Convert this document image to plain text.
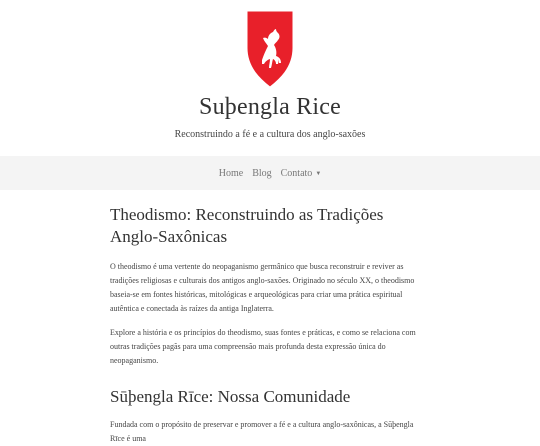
Suþengla Rice
Reconstruindo a fé e a cultura dos anglo-saxões
Home Blog Contato ▼
Theodismo: Reconstruindo as Tradições Anglo-Saxônicas

O theodismo é uma vertente do neopaganismo germânico que busca reconstruir e reviver as tradições religiosas e culturais dos antigos anglo-saxões. Originado no século XX, o theodismo baseia-se em fontes históricas, mitológicas e arqueológicas para criar uma prática espiritual autêntica e conectada às raízes da antiga Inglaterra.

Explore a história e os princípios do theodismo, suas fontes e práticas, e como se relaciona com outras tradições pagãs para uma compreensão mais profunda desta expressão única do neopaganismo.

Sūþengla Rīce: Nossa Comunidade

Fundada com o propósito de preservar e promover a fé e a cultura anglo-saxônicas, a Sūþengla Rīce é uma
